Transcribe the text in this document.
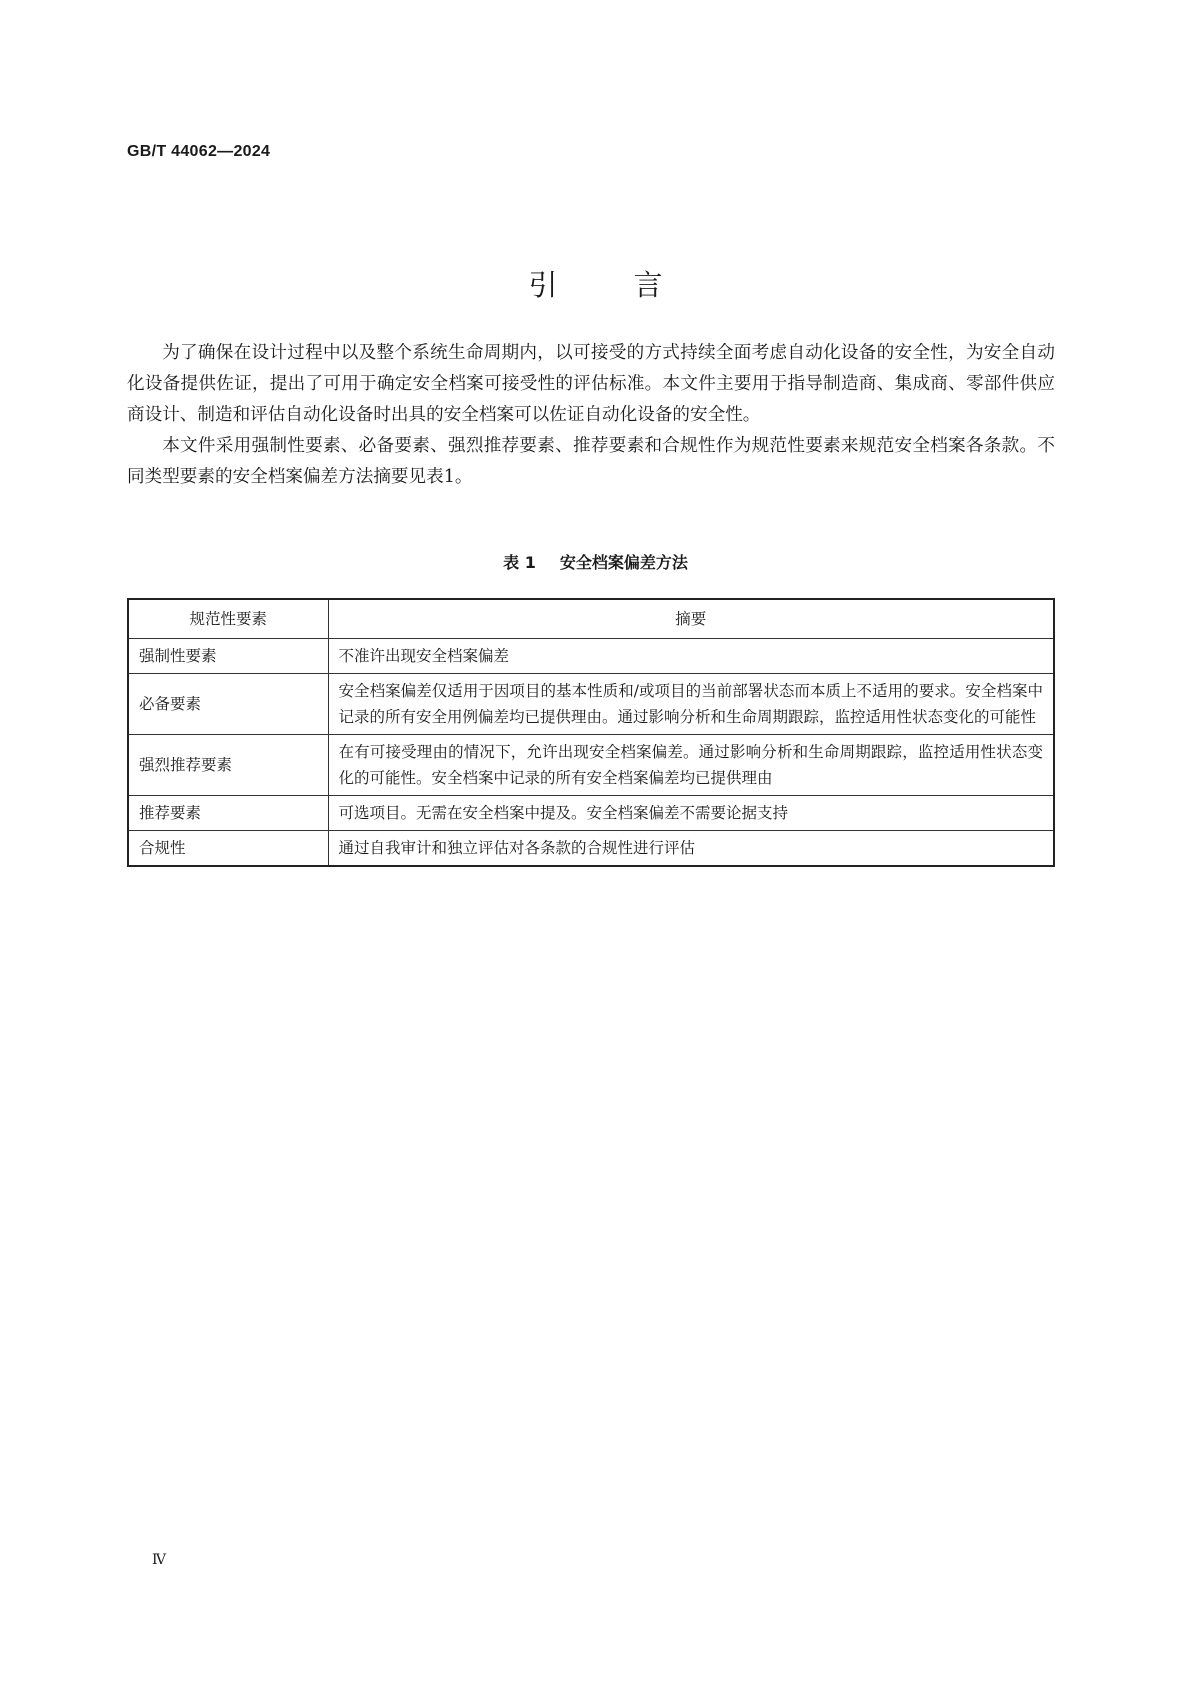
GB/T 44062—2024
引	言

为了确保在设计过程中以及整个系统生命周期内，以可接受的方式持续全面考虑自动化设备的安全性，为安全自动化设备提供佐证，提出了可用于确定安全档案可接受性的评估标准。本文件主要用于指导制造商、集成商、零部件供应商设计、制造和评估自动化设备时出具的安全档案可以佐证自动化设备的安全性。

本文件采用强制性要素、必备要素、强烈推荐要素、推荐要素和合规性作为规范性要素来规范安全档案各条款。不同类型要素的安全档案偏差方法摘要见表1。

表 1 安全档案偏差方法
规范性要素	摘要
强制性要素	不准许出现安全档案偏差
必备要素	安全档案偏差仅适用于因项目的基本性质和/或项目的当前部署状态而本质上不适用的要求。安全档案中记录的所有安全用例偏差均已提供理由。通过影响分析和生命周期跟踪，监控适用性状态变化的可能性
强烈推荐要素	在有可接受理由的情况下，允许出现安全档案偏差。通过影响分析和生命周期跟踪，监控适用性状态变化的可能性。安全档案中记录的所有安全档案偏差均已提供理由
推荐要素	可选项目。无需在安全档案中提及。安全档案偏差不需要论据支持
合规性	通过自我审计和独立评估对各条款的合规性进行评估
Ⅳ
